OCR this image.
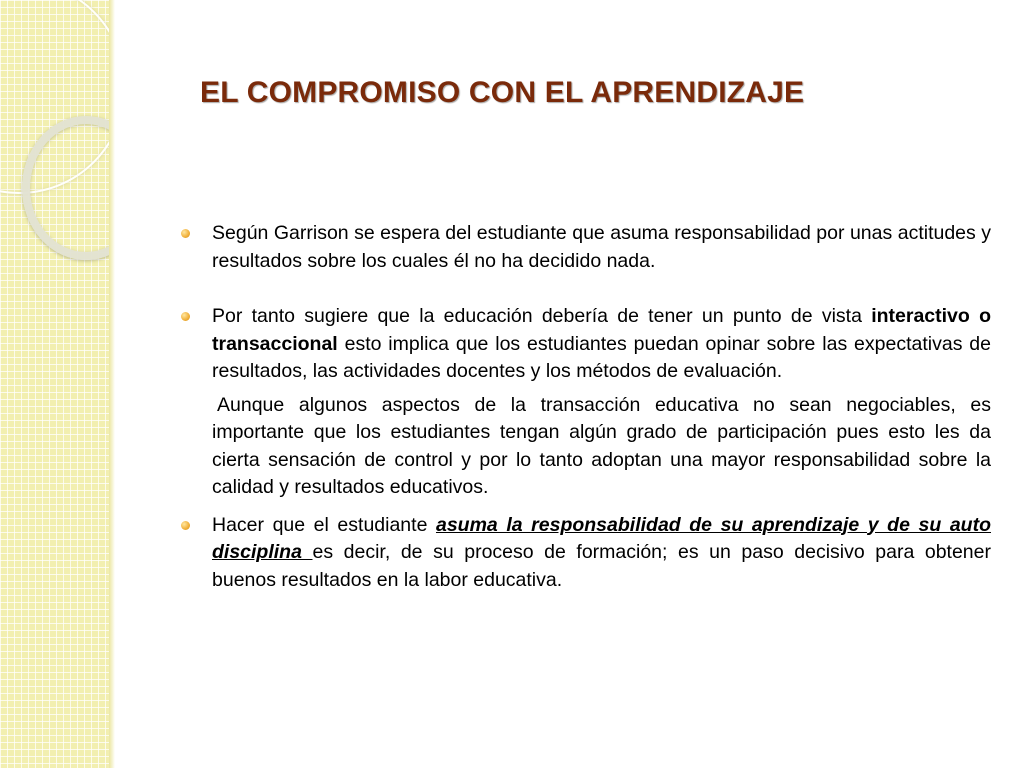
EL COMPROMISO CON EL APRENDIZAJE

Según Garrison se espera del estudiante que asuma responsabilidad por unas actitudes y resultados sobre los cuales él no ha decidido nada.

Por tanto sugiere que la educación debería de tener un punto de vista interactivo o transaccional esto implica que los estudiantes puedan opinar sobre las expectativas de resultados, las actividades docentes y los métodos de evaluación.

Aunque algunos aspectos de la transacción educativa no sean negociables, es importante que los estudiantes tengan algún grado de participación pues esto les da cierta sensación de control y por lo tanto adoptan una mayor responsabilidad sobre la calidad y resultados educativos.

Hacer que el estudiante asuma la responsabilidad de su aprendizaje y de su auto disciplina es decir, de su proceso de formación; es un paso decisivo para obtener buenos resultados en la labor educativa.
